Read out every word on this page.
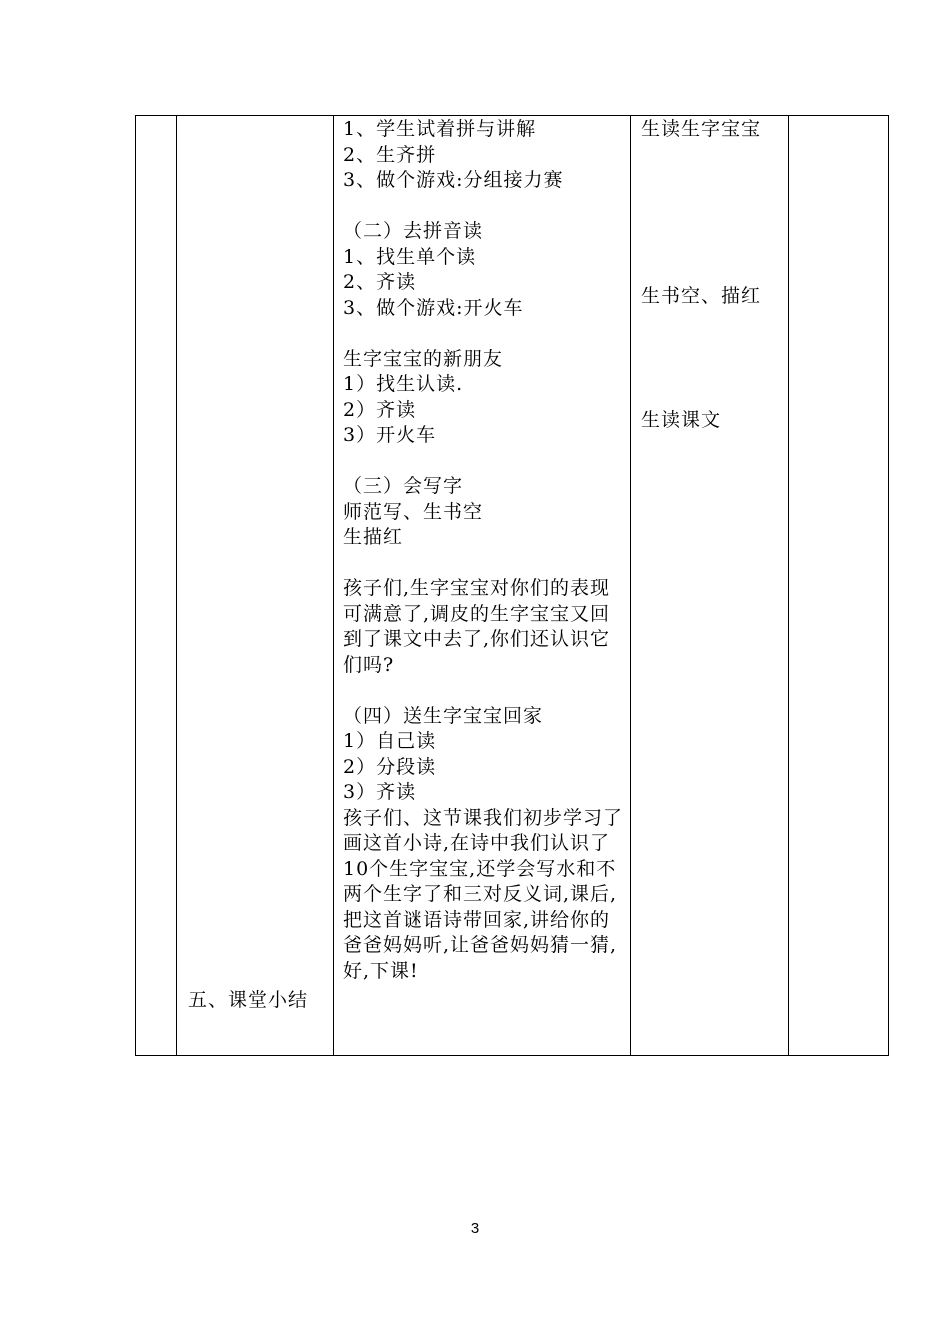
五、课堂小结
1、学生试着拼与讲解
2、生齐拼
3、做个游戏:分组接力赛
（二）去拼音读
1、找生单个读
2、齐读
3、做个游戏:开火车
生字宝宝的新朋友
1）找生认读.
2）齐读
3）开火车
（三）会写字
师范写、生书空
生描红
孩子们,生字宝宝对你们的表现可满意了,调皮的生字宝宝又回到了课文中去了,你们还认识它们吗?
（四）送生字宝宝回家
1）自己读
2）分段读
3）齐读
孩子们、这节课我们初步学习了画这首小诗,在诗中我们认识了10个生字宝宝,还学会写水和不两个生字了和三对反义词,课后,把这首谜语诗带回家,讲给你的爸爸妈妈听,让爸爸妈妈猜一猜,好,下课!
生读生字宝宝
生书空、描红
生读课文
3
